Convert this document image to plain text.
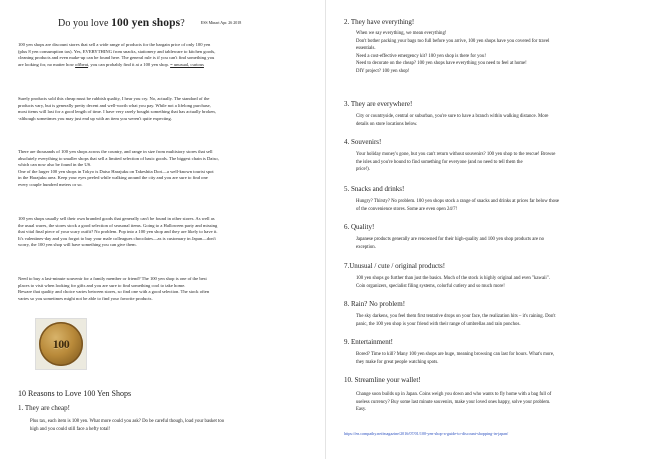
Do you love 100 yen shops?	ESS Minari Apr. 26 2018
100 yen shops are discount stores that sell a wide range of products for the bargain price of only 100 yen
(plus 8 yen consumption tax). Yes, EVERYTHING from snacks, stationery and tableware to kitchen goods,
cleaning products and even make-up can be found here. The general rule is if you can't find something you
are looking for, no matter how offbeat, you can probably find it at a 100 yen shop. = unusual, curious
Surely products sold this cheap must be rubbish quality, I hear you cry. No, actually. The standard of the
products vary, but is generally pretty decent and well-worth what you pay. While not a lifelong purchase,
most items will last for a good length of time. I have very rarely bought something that has actually broken,
-although sometimes you may just end up with an item you weren't quite expecting.
There are thousands of 100 yen shops across the country, and range in size from multistory stores that sell
absolutely everything to smaller shops that sell a limited selection of basic goods. The biggest chain is Daiso,
which can now also be found in the US.
One of the larger 100 yen shops in Tokyo is Daiso Harajuku on Takeshita Dori—a well-known tourist spot
in the Harajuku area. Keep your eyes peeled while walking around the city and you are sure to find one
every couple hundred meters or so.
100 yen shops usually sell their own branded goods that generally can't be found in other stores. As well as
the usual wares, the stores stock a good selection of seasonal items. Going to a Halloween party and missing
that vital final piece of your scary outfit? No problem. Pop into a 100 yen shop and they are likely to have it.
It's valentines-day and you forgot to buy your male colleagues chocolates—as is customary in Japan—don't
worry, the 100 yen shop will have something you can give them.
Need to buy a last-minute souvenir for a family member or friend? The 100 yen shop is one of the best
places to visit when looking for gifts and you are sure to find something cool to take home.
Beware that quality and choice varies between stores, so find one with a good selection. The stock often
varies so you sometimes might not be able to find your favorite products.
100
10 Reasons to Love 100 Yen Shops
1. They are cheap!
Plus tax, each item is 108 yen. What more could you ask? Do be careful though, load your basket too
high and you could still face a hefty total!
2. They have everything!
When we say everything, we mean everything!
Don't bother packing your bags too full before you arrive, 100 yen shops have you covered for travel
essentials.
Need a cost-effective emergency kit? 100 yen shop is there for you!
Need to decorate on the cheap? 100 yen shops have everything you need to feel at home!
DIY project? 100 yen shop!
3. They are everywhere!
City or countryside, central or suburban, you're sure to have a branch within walking distance. More
details on store locations below.
4. Souvenirs!
Your holiday money's gone, but you can't return without souvenirs? 100 yen shop to the rescue! Browse
the isles and you're bound to find something for everyone (and no need to tell them the
price!).
5. Snacks and drinks!
Hungry? Thirsty? No problem. 100 yen shops stock a range of snacks and drinks at prices far below those
of the convenience stores. Some are even open 24/7!
6. Quality!
Japanese products generally are renowned for their high-quality and 100 yen shop products are no
exception.
7.Unusual / cute / original products!
100 yen shops go further than just the basics. Much of the stock is highly original and even "kawaii".
Coin organizers, specialist filing systems, colorful cutlery and so much more!
8. Rain? No problem!
The sky darkens, you feel them first tentative drops on your face, the realization hits – it's raining. Don't
panic, the 100 yen shop is your friend with their range of umbrellas and rain ponchos.
9. Entertainment!
Bored? Time to kill? Many 100 yen shops are huge, meaning browsing can last for hours. What's more,
they make for great people watching spots.
10. Streamline your wallet!
Change soon builds up in Japan. Coins weigh you down and who wants to fly home with a bag full of
useless currency? Buy some last minute souvenirs, make your loved ones happy, solve your problem.
Easy.
https://en.compathy.net/magazine/2016/07/01/100-yen-shop-a-guide-to-discount-shopping-in-japan/
